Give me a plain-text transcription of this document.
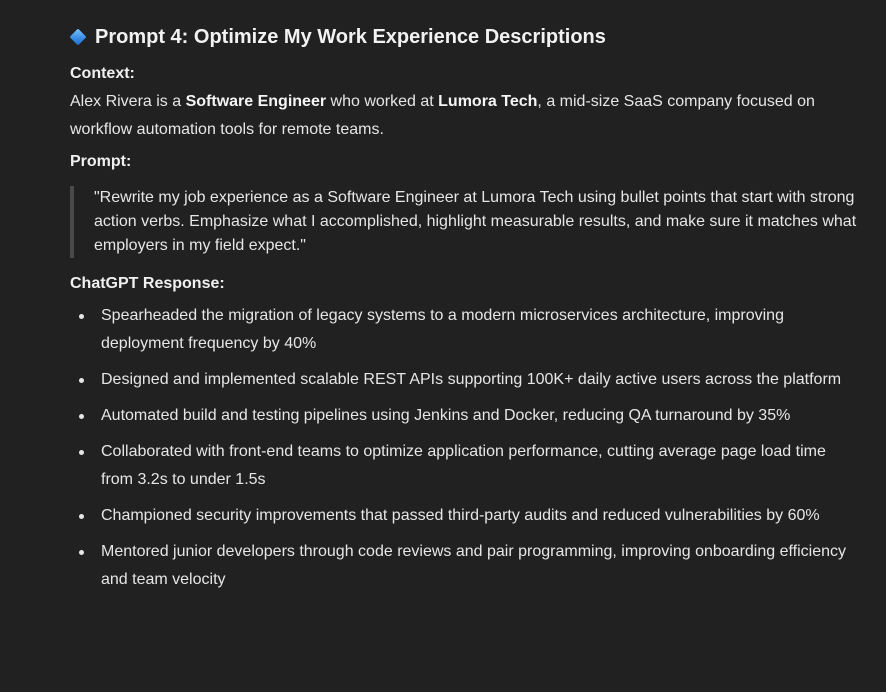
Prompt 4: Optimize My Work Experience Descriptions
Context:
Alex Rivera is a Software Engineer who worked at Lumora Tech, a mid-size SaaS company focused on workflow automation tools for remote teams.
Prompt:
"Rewrite my job experience as a Software Engineer at Lumora Tech using bullet points that start with strong action verbs. Emphasize what I accomplished, highlight measurable results, and make sure it matches what employers in my field expect."
ChatGPT Response:
Spearheaded the migration of legacy systems to a modern microservices architecture, improving deployment frequency by 40%
Designed and implemented scalable REST APIs supporting 100K+ daily active users across the platform
Automated build and testing pipelines using Jenkins and Docker, reducing QA turnaround by 35%
Collaborated with front-end teams to optimize application performance, cutting average page load time from 3.2s to under 1.5s
Championed security improvements that passed third-party audits and reduced vulnerabilities by 60%
Mentored junior developers through code reviews and pair programming, improving onboarding efficiency and team velocity
